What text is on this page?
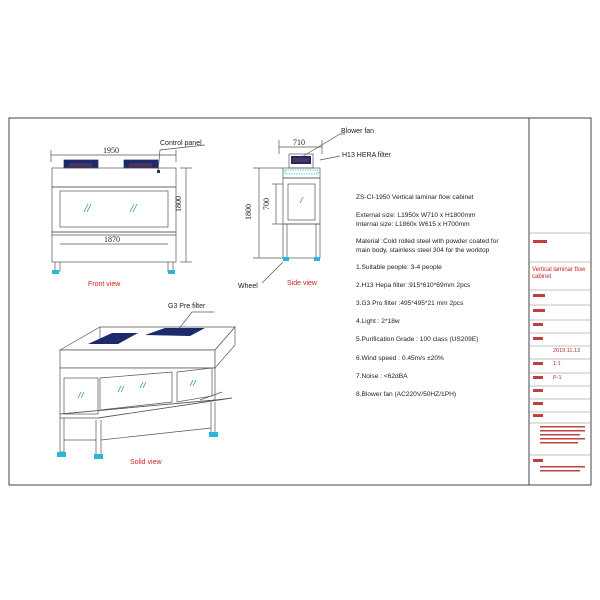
Control panel
Blower fan
H13 HERA filter
G3 Pre filter
Wheel
Front view	Side view
Solid view
1950
1870
1800
710
1800 700
ZS-CI-1950 Vertical laminar flow cabinet
External size: L1950x W710 x H1800mm
Internal size: L1860x W615 x H700mm
Material :Cold rolled steel with powder coated for
main body, stainless steel 304 for the worktop
1.Suitable people: 3-4 people
2.H13 Hepa filter :915*610*69mm 2pcs
3.G3 Pro filter :495*495*21 mm 2pcs
4.Light : 2*18w
5.Purification Grade : 100 class (US209E)
6.Wind speed : 0.45m/s ±20%
7.Noise : <62dBA
8.Blower fan (AC220V/50HZ/1PH)
Vertical laminar flow cabinet
2019.11.13
1:1
P-1
